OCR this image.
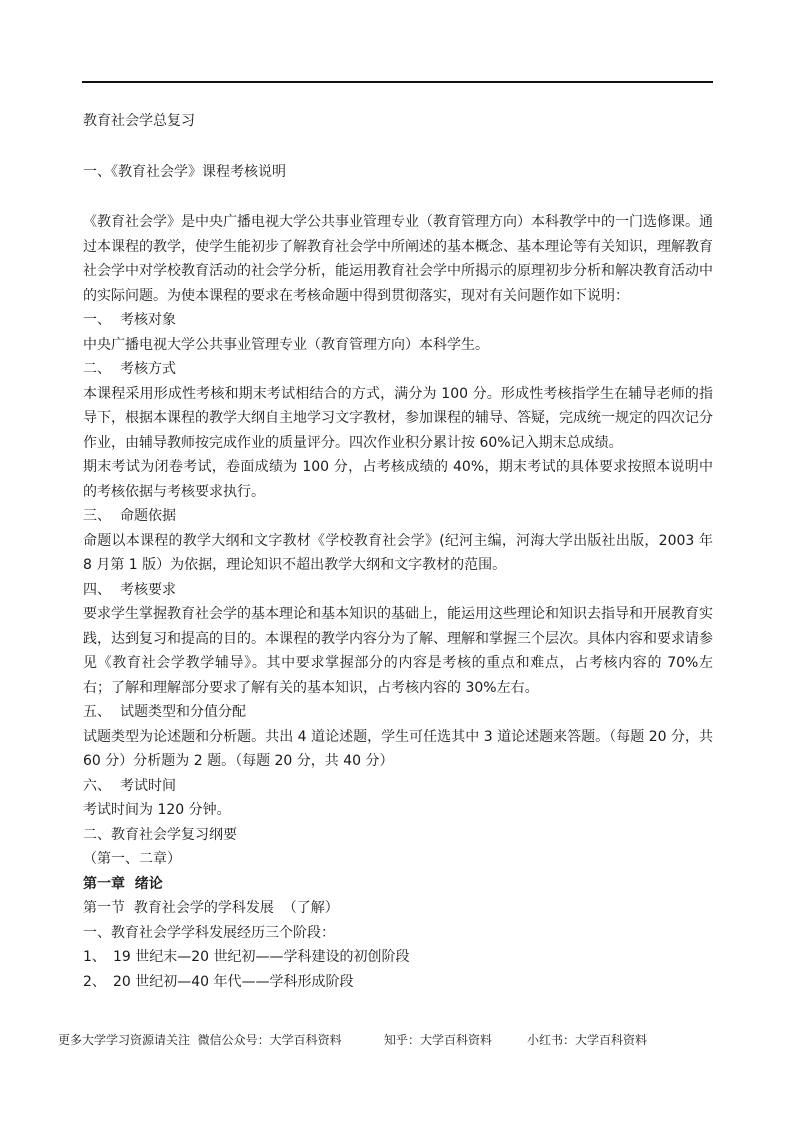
教育社会学总复习

一、《教育社会学》课程考核说明

《教育社会学》是中央广播电视大学公共事业管理专业（教育管理方向）本科教学中的一门选修课。通过本课程的教学，使学生能初步了解教育社会学中所阐述的基本概念、基本理论等有关知识，理解教育社会学中对学校教育活动的社会学分析，能运用教育社会学中所揭示的原理初步分析和解决教育活动中的实际问题。为使本课程的要求在考核命题中得到贯彻落实，现对有关问题作如下说明：

一、 考核对象

中央广播电视大学公共事业管理专业（教育管理方向）本科学生。

二、 考核方式

本课程采用形成性考核和期末考试相结合的方式，满分为 100 分。形成性考核指学生在辅导老师的指导下，根据本课程的教学大纲自主地学习文字教材，参加课程的辅导、答疑，完成统一规定的四次记分作业，由辅导教师按完成作业的质量评分。四次作业积分累计按 60%记入期末总成绩。

期末考试为闭卷考试，卷面成绩为 100 分，占考核成绩的 40%，期末考试的具体要求按照本说明中的考核依据与考核要求执行。

三、 命题依据

命题以本课程的教学大纲和文字教材《学校教育社会学》(纪河主编，河海大学出版社出版，2003 年 8 月第 1 版）为依据，理论知识不超出教学大纲和文字教材的范围。

四、 考核要求

要求学生掌握教育社会学的基本理论和基本知识的基础上，能运用这些理论和知识去指导和开展教育实践，达到复习和提高的目的。本课程的教学内容分为了解、理解和掌握三个层次。具体内容和要求请参见《教育社会学教学辅导》。其中要求掌握部分的内容是考核的重点和难点，占考核内容的 70%左右；了解和理解部分要求了解有关的基本知识，占考核内容的 30%左右。

五、 试题类型和分值分配

试题类型为论述题和分析题。共出 4 道论述题，学生可任选其中 3 道论述题来答题。（每题 20 分，共 60 分）分析题为 2 题。（每题 20 分，共 40 分）

六、 考试时间

考试时间为 120 分钟。

二、教育社会学复习纲要

（第一、二章）

第一章  绪论

第一节  教育社会学的学科发展  （了解）

一、教育社会学学科发展经历三个阶段：

1、 19 世纪末—20 世纪初——学科建设的初创阶段

2、 20 世纪初—40 年代——学科形成阶段

更多大学学习资源请关注  微信公众号：大学百科资料	知乎：大学百科资料	小红书：大学百科资料
